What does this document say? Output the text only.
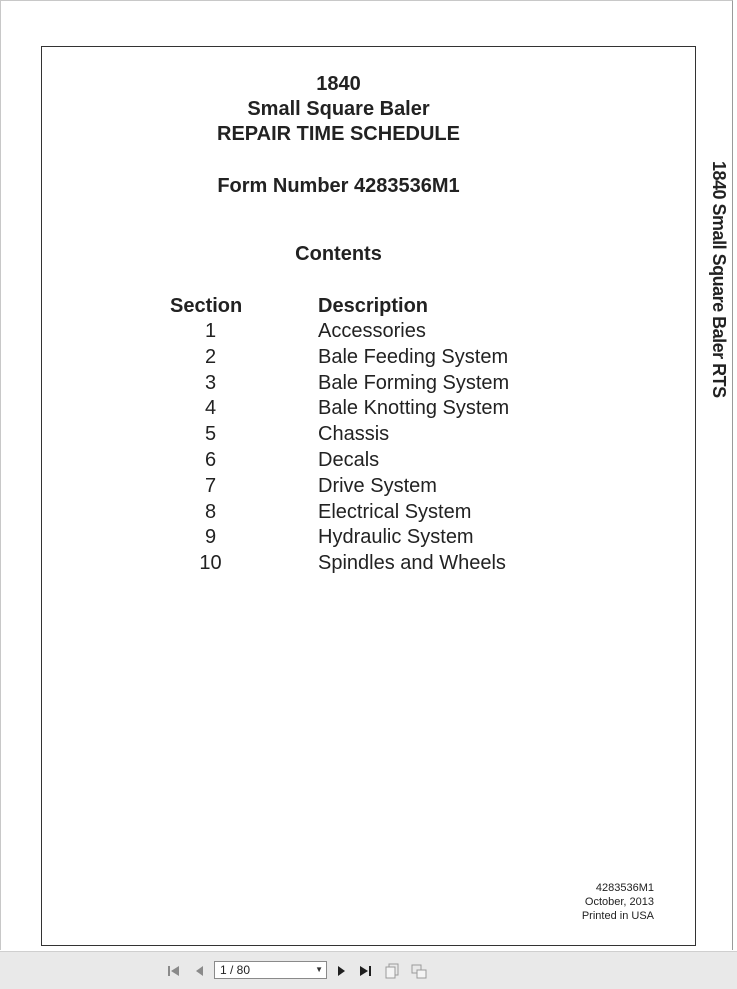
1840
Small Square Baler
REPAIR TIME SCHEDULE
Form Number 4283536M1
Contents
Section	Description
1	Accessories
2	Bale Feeding System
3	Bale Forming System
4	Bale Knotting System
5	Chassis
6	Decals
7	Drive System
8	Electrical System
9	Hydraulic System
10	Spindles and Wheels
1840 Small Square Baler RTS
4283536M1
October, 2013
Printed in USA
1 / 80	▼
